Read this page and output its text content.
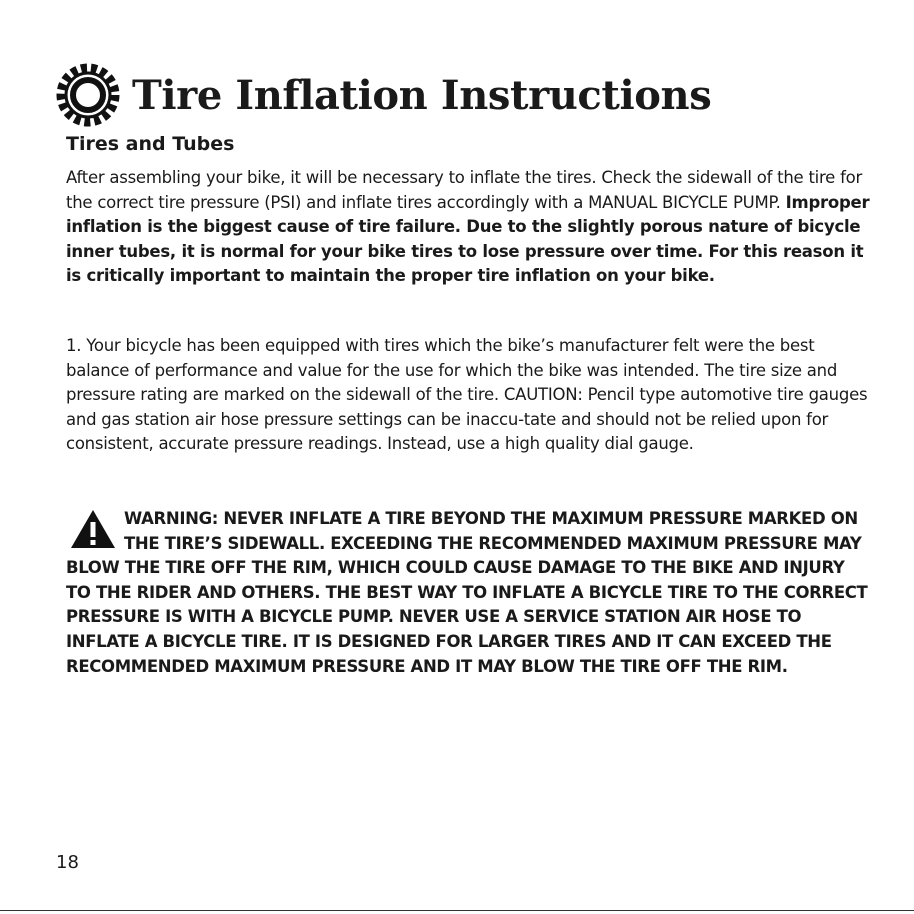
Tire Inflation Instructions
Tires and Tubes

After assembling your bike, it will be necessary to inflate the tires. Check the sidewall of the tire for the correct tire pressure (PSI) and inflate tires accordingly with a MANUAL BICYCLE PUMP. Improper inflation is the biggest cause of tire failure. Due to the slightly porous nature of bicycle inner tubes, it is normal for your bike tires to lose pressure over time. For this reason it is critically important to maintain the proper tire inflation on your bike.

1. Your bicycle has been equipped with tires which the bike’s manufacturer felt were the best balance of performance and value for the use for which the bike was intended. The tire size and pressure rating are marked on the sidewall of the tire. CAUTION: Pencil type automotive tire gauges and gas station air hose pressure settings can be inaccu-tate and should not be relied upon for consistent, accurate pressure readings. Instead, use a high quality dial gauge.

WARNING: NEVER INFLATE A TIRE BEYOND THE MAXIMUM PRESSURE MARKED ON THE TIRE’S SIDEWALL. EXCEEDING THE RECOMMENDED MAXIMUM PRESSURE MAY BLOW THE TIRE OFF THE RIM, WHICH COULD CAUSE DAMAGE TO THE BIKE AND INJURY TO THE RIDER AND OTHERS. THE BEST WAY TO INFLATE A BICYCLE TIRE TO THE CORRECT PRESSURE IS WITH A BICYCLE PUMP. NEVER USE A SERVICE STATION AIR HOSE TO INFLATE A BICYCLE TIRE. IT IS DESIGNED FOR LARGER TIRES AND IT CAN EXCEED THE RECOMMENDED MAXIMUM PRESSURE AND IT MAY BLOW THE TIRE OFF THE RIM.
18
